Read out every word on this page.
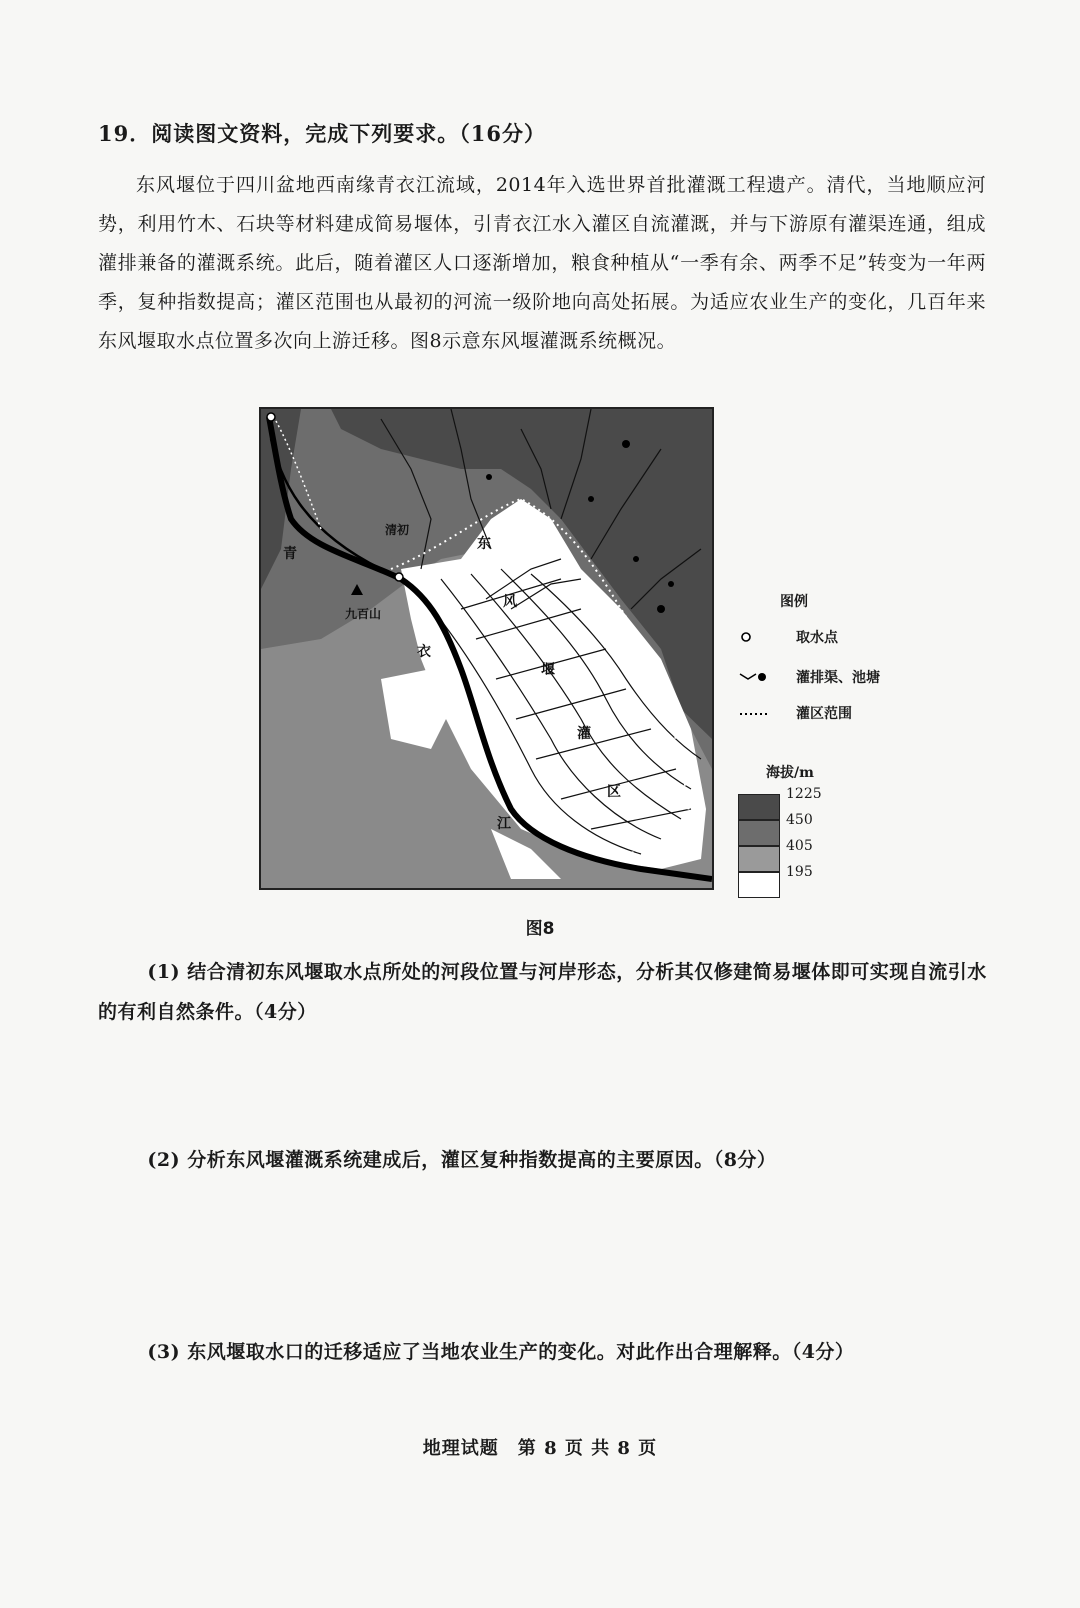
19．阅读图文资料，完成下列要求。（16分）
东风堰位于四川盆地西南缘青衣江流域，2014年入选世界首批灌溉工程遗产。清代，当地顺应河势，利用竹木、石块等材料建成简易堰体，引青衣江水入灌区自流灌溉，并与下游原有灌渠连通，组成灌排兼备的灌溉系统。此后，随着灌区人口逐渐增加，粮食种植从“一季有余、两季不足”转变为一年两季，复种指数提高；灌区范围也从最初的河流一级阶地向高处拓展。为适应农业生产的变化，几百年来东风堰取水点位置多次向上游迁移。图8示意东风堰灌溉系统概况。
清初
九百山
青
衣
江
东
风
堰
灌
区
图例
取水点
灌排渠、池塘
灌区范围
海拔/m
1225
450
405
195
图8
(1) 结合清初东风堰取水点所处的河段位置与河岸形态，分析其仅修建简易堰体即可实现自流引水的有利自然条件。（4分）
(2) 分析东风堰灌溉系统建成后，灌区复种指数提高的主要原因。（8分）
(3) 东风堰取水口的迁移适应了当地农业生产的变化。对此作出合理解释。（4分）
地理试题　第 8 页 共 8 页
